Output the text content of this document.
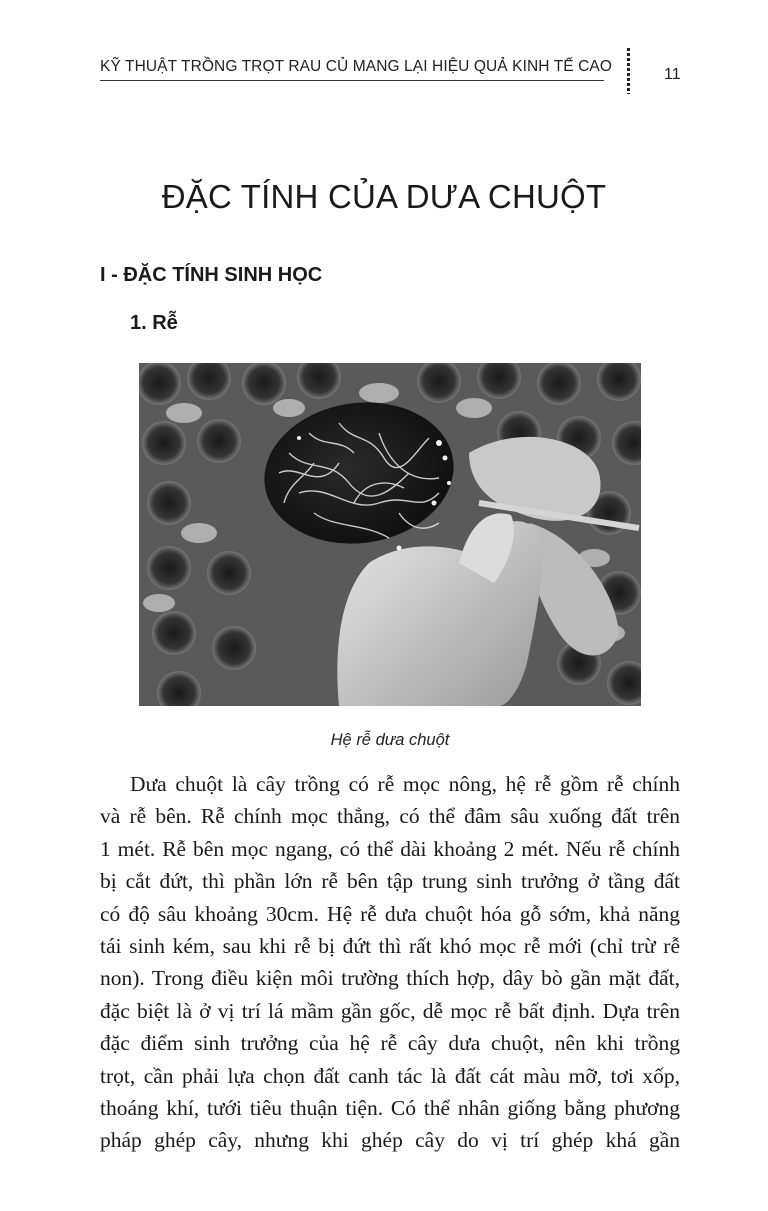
KỸ THUẬT TRỒNG TRỌT RAU CỦ MANG LẠI HIỆU QUẢ KINH TẾ CAO	11
ĐẶC TÍNH CỦA DƯA CHUỘT
I - ĐẶC TÍNH SINH HỌC
1. Rễ
Hệ rễ dưa chuột
Dưa chuột là cây trồng có rễ mọc nông, hệ rễ gồm rễ chính
và rễ bên. Rễ chính mọc thẳng, có thể đâm sâu xuống đất trên
1 mét. Rễ bên mọc ngang, có thể dài khoảng 2 mét. Nếu rễ chính
bị cắt đứt, thì phần lớn rễ bên tập trung sinh trưởng ở tầng đất
có độ sâu khoảng 30cm. Hệ rễ dưa chuột hóa gỗ sớm, khả năng
tái sinh kém, sau khi rễ bị đứt thì rất khó mọc rễ mới (chỉ trừ rễ
non). Trong điều kiện môi trường thích hợp, dây bò gần mặt đất,
đặc biệt là ở vị trí lá mầm gần gốc, dễ mọc rễ bất định. Dựa trên
đặc điểm sinh trưởng của hệ rễ cây dưa chuột, nên khi trồng
trọt, cần phải lựa chọn đất canh tác là đất cát màu mỡ, tơi xốp,
thoáng khí, tưới tiêu thuận tiện. Có thể nhân giống bằng phương
pháp ghép cây, nhưng khi ghép cây do vị trí ghép khá gần
